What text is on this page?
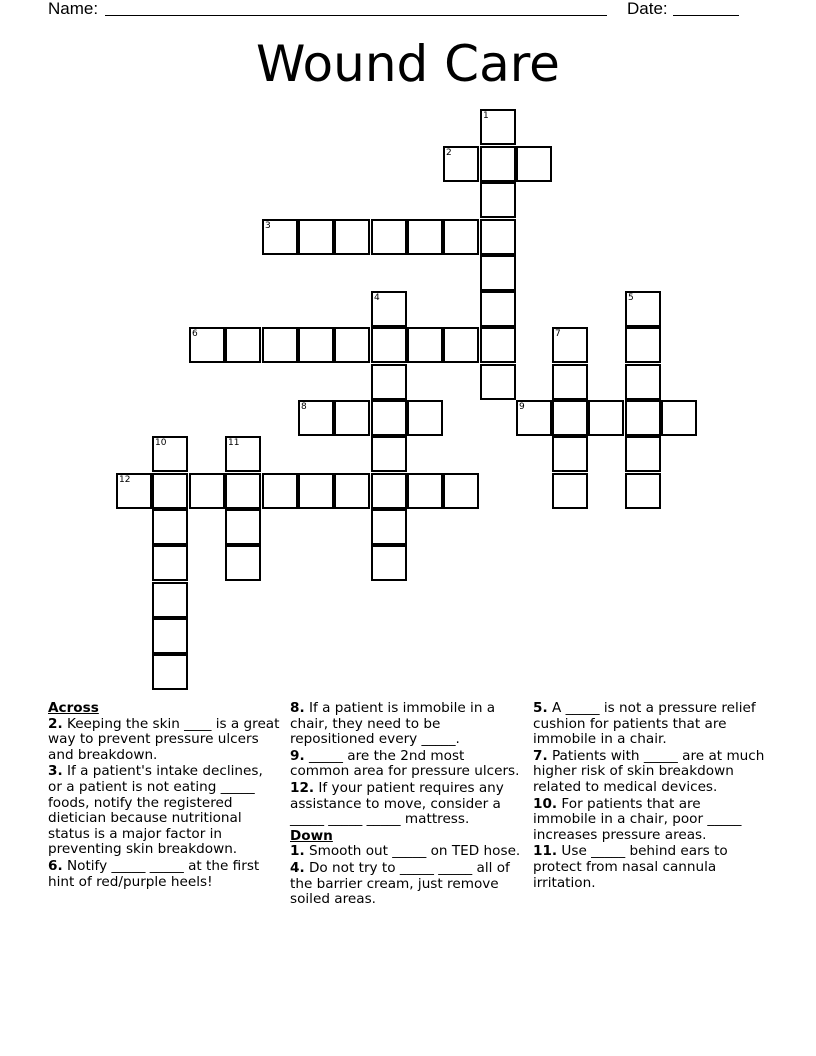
Name:	Date:
Wound Care
1
2
3
4	5
6	7
8	9
10	11
12

Across

2. Keeping the skin ____ is a great way to prevent pressure ulcers and breakdown.

3. If a patient's intake declines, or a patient is not eating _____ foods, notify the registered dietician because nutritional status is a major factor in preventing skin breakdown.

6. Notify _____ _____ at the first hint of red/purple heels!

8. If a patient is immobile in a chair, they need to be repositioned every _____.

9. _____ are the 2nd most common area for pressure ulcers.

12. If your patient requires any assistance to move, consider a _____ _____ _____ mattress.

Down

1. Smooth out _____ on TED hose.

4. Do not try to _____ _____ all of the barrier cream, just remove soiled areas.

5. A _____ is not a pressure relief cushion for patients that are immobile in a chair.

7. Patients with _____ are at much higher risk of skin breakdown related to medical devices.

10. For patients that are immobile in a chair, poor _____ increases pressure areas.

11. Use _____ behind ears to protect from nasal cannula irritation.
